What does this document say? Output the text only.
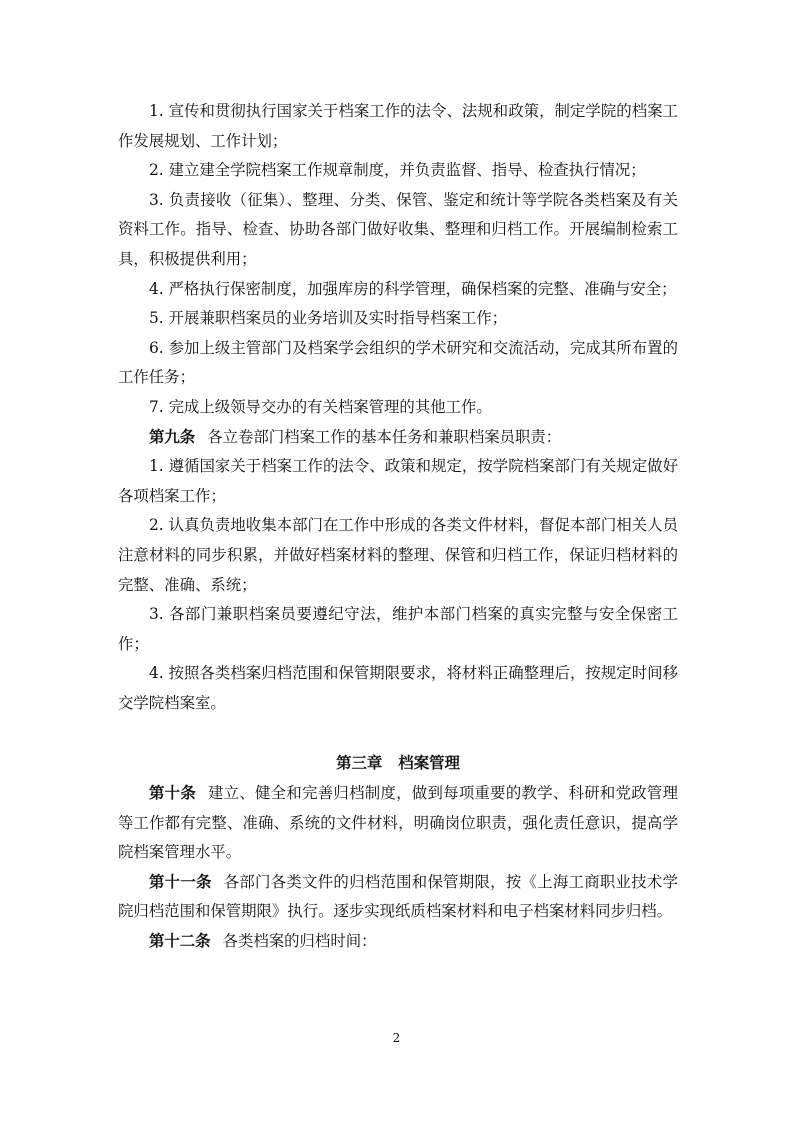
1. 宣传和贯彻执行国家关于档案工作的法令、法规和政策，制定学院的档案工作发展规划、工作计划；

2. 建立建全学院档案工作规章制度，并负责监督、指导、检查执行情况；

3. 负责接收（征集）、整理、分类、保管、鉴定和统计等学院各类档案及有关资料工作。指导、检查、协助各部门做好收集、整理和归档工作。开展编制检索工具，积极提供利用；

4. 严格执行保密制度，加强库房的科学管理，确保档案的完整、准确与安全；

5. 开展兼职档案员的业务培训及实时指导档案工作；

6. 参加上级主管部门及档案学会组织的学术研究和交流活动，完成其所布置的工作任务；

7. 完成上级领导交办的有关档案管理的其他工作。

第九条 各立卷部门档案工作的基本任务和兼职档案员职责：

1. 遵循国家关于档案工作的法令、政策和规定，按学院档案部门有关规定做好各项档案工作；

2. 认真负责地收集本部门在工作中形成的各类文件材料，督促本部门相关人员注意材料的同步积累，并做好档案材料的整理、保管和归档工作，保证归档材料的完整、准确、系统；

3. 各部门兼职档案员要遵纪守法，维护本部门档案的真实完整与安全保密工作；

4. 按照各类档案归档范围和保管期限要求，将材料正确整理后，按规定时间移交学院档案室。

第三章 档案管理

第十条 建立、健全和完善归档制度，做到每项重要的教学、科研和党政管理等工作都有完整、准确、系统的文件材料，明确岗位职责，强化责任意识，提高学院档案管理水平。

第十一条 各部门各类文件的归档范围和保管期限，按《上海工商职业技术学院归档范围和保管期限》执行。逐步实现纸质档案材料和电子档案材料同步归档。

第十二条 各类档案的归档时间：

2
